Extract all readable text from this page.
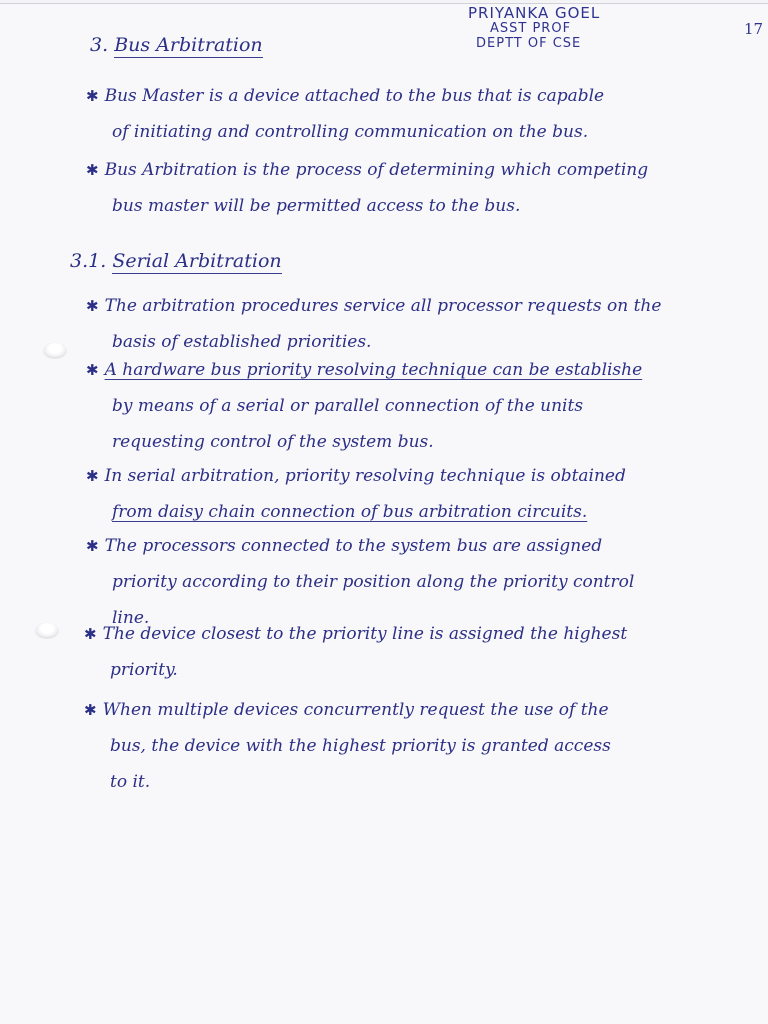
PRIYANKA GOEL
ASST PROF
DEPTT OF CSE
17
3. Bus Arbitration
✱ Bus Master is a device attached to the bus that is capable
of initiating and controlling communication on the bus.
✱ Bus Arbitration is the process of determining which competing
bus master will be permitted access to the bus.
3.1. Serial Arbitration
✱ The arbitration procedures service all processor requests on the
basis of established priorities.
✱ A hardware bus priority resolving technique can be establishe
by means of a serial or parallel connection of the units
requesting control of the system bus.
✱ In serial arbitration, priority resolving technique is obtained
from daisy chain connection of bus arbitration circuits.
✱ The processors connected to the system bus are assigned
priority according to their position along the priority control
line.
✱ The device closest to the priority line is assigned the highest
priority.
✱ When multiple devices concurrently request the use of the
bus, the device with the highest priority is granted access
to it.
